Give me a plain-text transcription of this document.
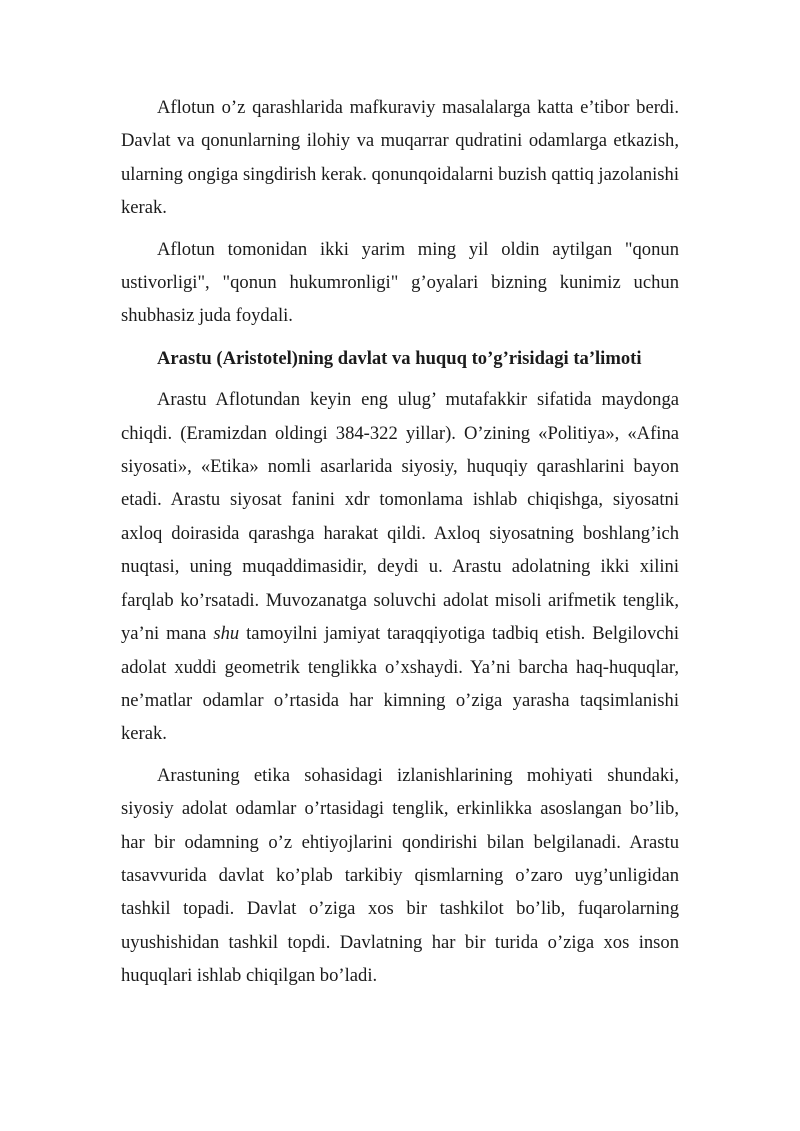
Aflotun o’z qarashlarida mafkuraviy masalalarga katta e’tibor berdi. Davlat va qonunlarning ilohiy va muqarrar qudratini odamlarga etkazish, ularning ongiga singdirish kerak. qonunqoidalarni buzish qattiq jazolanishi kerak.

Aflotun tomonidan ikki yarim ming yil oldin aytilgan "qonun ustivorligi", "qonun hukumronligi" g’oyalari bizning kunimiz uchun shubhasiz juda foydali.

Arastu (Aristotel)ning davlat va huquq to’g’risidagi ta’limoti

Arastu Aflotundan keyin eng ulug’ mutafakkir sifatida maydonga chiqdi. (Eramizdan oldingi 384-322 yillar). O’zining «Politiya», «Afina siyosati», «Etika» nomli asarlarida siyosiy, huquqiy qarashlarini bayon etadi. Arastu siyosat fanini xdr tomonlama ishlab chiqishga, siyosatni axloq doirasida qarashga harakat qildi. Axloq siyosatning boshlang’ich nuqtasi, uning muqaddimasidir, deydi u. Arastu adolatning ikki xilini farqlab ko’rsatadi. Muvozanatga soluvchi adolat misoli arifmetik tenglik, ya’ni mana shu tamoyilni jamiyat taraqqiyotiga tadbiq etish. Belgilovchi adolat xuddi geometrik tenglikka o’xshaydi. Ya’ni barcha haq-huquqlar, ne’matlar odamlar o’rtasida har kimning o’ziga yarasha taqsimlanishi kerak.

Arastuning etika sohasidagi izlanishlarining mohiyati shundaki, siyosiy adolat odamlar o’rtasidagi tenglik, erkinlikka asoslangan bo’lib, har bir odamning o’z ehtiyojlarini qondirishi bilan belgilanadi. Arastu tasavvurida davlat ko’plab tarkibiy qismlarning o’zaro uyg’unligidan tashkil topadi. Davlat o’ziga xos bir tashkilot bo’lib, fuqarolarning uyushishidan tashkil topdi. Davlatning har bir turida o’ziga xos inson huquqlari ishlab chiqilgan bo’ladi.
